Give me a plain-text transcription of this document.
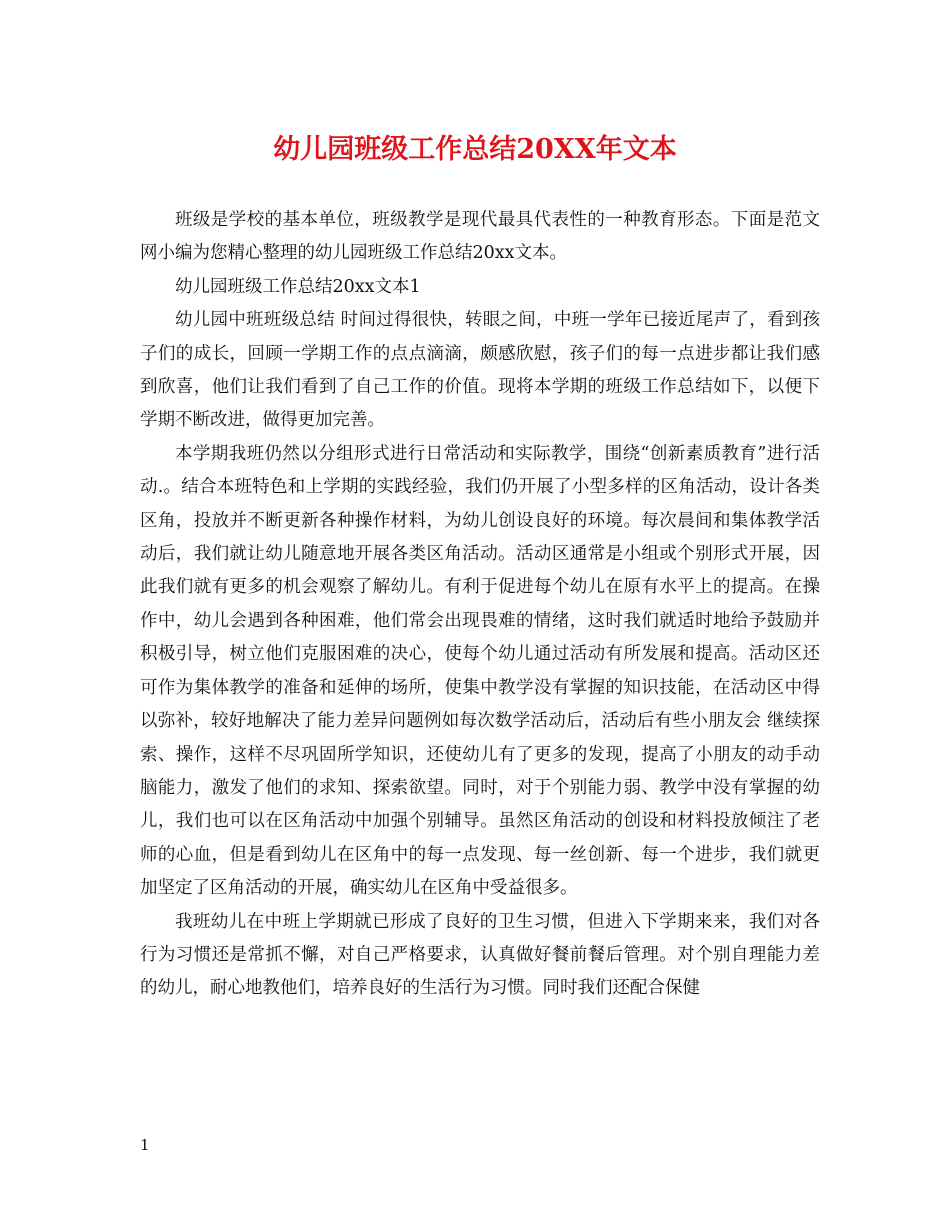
幼儿园班级工作总结20XX年文本

班级是学校的基本单位，班级教学是现代最具代表性的一种教育形态。下面是范文网小编为您精心整理的幼儿园班级工作总结20xx文本。

幼儿园班级工作总结20xx文本1

幼儿园中班班级总结 时间过得很快，转眼之间，中班一学年已接近尾声了，看到孩子们的成长，回顾一学期工作的点点滴滴，颇感欣慰，孩子们的每一点进步都让我们感到欣喜，他们让我们看到了自己工作的价值。现将本学期的班级工作总结如下，以便下学期不断改进，做得更加完善。

本学期我班仍然以分组形式进行日常活动和实际教学，围绕“创新素质教育”进行活动.。结合本班特色和上学期的实践经验，我们仍开展了小型多样的区角活动，设计各类区角，投放并不断更新各种操作材料，为幼儿创设良好的环境。每次晨间和集体教学活动后，我们就让幼儿随意地开展各类区角活动。活动区通常是小组或个别形式开展，因此我们就有更多的机会观察了解幼儿。有利于促进每个幼儿在原有水平上的提高。在操作中，幼儿会遇到各种困难，他们常会出现畏难的情绪，这时我们就适时地给予鼓励并积极引导，树立他们克服困难的决心，使每个幼儿通过活动有所发展和提高。活动区还可作为集体教学的准备和延伸的场所，使集中教学没有掌握的知识技能，在活动区中得以弥补，较好地解决了能力差异问题例如每次数学活动后，活动后有些小朋友会 继续探索、操作，这样不尽巩固所学知识，还使幼儿有了更多的发现，提高了小朋友的动手动脑能力，激发了他们的求知、探索欲望。同时，对于个别能力弱、教学中没有掌握的幼儿，我们也可以在区角活动中加强个别辅导。虽然区角活动的创设和材料投放倾注了老师的心血，但是看到幼儿在区角中的每一点发现、每一丝创新、每一个进步，我们就更加坚定了区角活动的开展，确实幼儿在区角中受益很多。

我班幼儿在中班上学期就已形成了良好的卫生习惯，但进入下学期来来，我们对各行为习惯还是常抓不懈，对自己严格要求，认真做好餐前餐后管理。对个别自理能力差的幼儿，耐心地教他们，培养良好的生活行为习惯。同时我们还配合保健

1
